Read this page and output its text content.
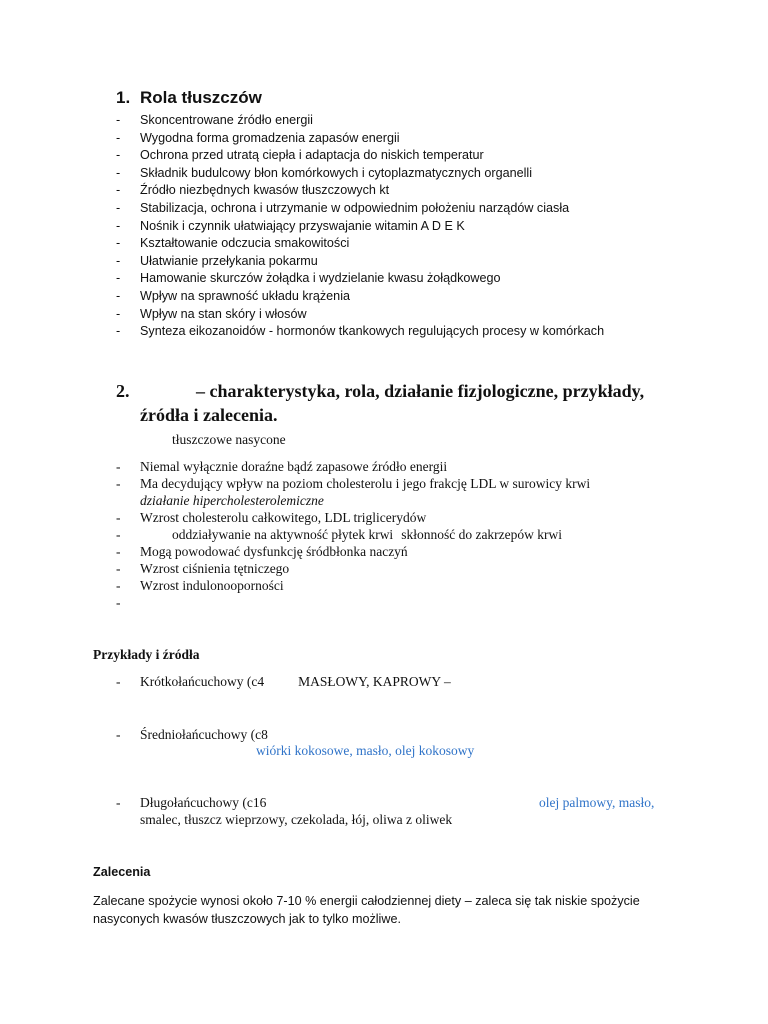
1. Rola tłuszczów
- Skoncentrowane źródło energii
- Wygodna forma gromadzenia zapasów energii
- Ochrona przed utratą ciepła i adaptacja do niskich temperatur
- Składnik budulcowy błon komórkowych i cytoplazmatycznych organelli
- Źródło niezbędnych kwasów tłuszczowych kt
- Stabilizacja, ochrona i utrzymanie w odpowiednim położeniu narządów ciasła
- Nośnik i czynnik ułatwiający przyswajanie witamin A D E K
- Kształtowanie odczucia smakowitości
- Ułatwianie przełykania pokarmu
- Hamowanie skurczów żołądka i wydzielanie kwasu żołądkowego
- Wpływ na sprawność układu krążenia
- Wpływ na stan skóry i włosów
- Synteza eikozanoidów - hormonów tkankowych regulujących procesy w komórkach
2.	– charakterystyka, rola, działanie fizjologiczne, przykłady,
źródła i zalecenia.
tłuszczowe nasycone
- Niemal wyłącznie doraźne bądź zapasowe źródło energii
- Ma decydujący wpływ na poziom cholesterolu i jego frakcję LDL w surowicy krwi
działanie hipercholesterolemiczne
- Wzrost cholesterolu całkowitego, LDL triglicerydów
-	oddziaływanie na aktywność płytek krwi skłonność do zakrzepów krwi
- Mogą powodować dysfunkcję śródbłonka naczyń
- Wzrost ciśnienia tętniczego
- Wzrost indulonooporności
-
Przykłady i źródła
- Krótkołańcuchowy (c4	MASŁOWY, KAPROWY –
- Średniołańcuchowy (c8
wiórki kokosowe, masło, olej kokosowy
- Długołańcuchowy (c16	olej palmowy, masło,
smalec, tłuszcz wieprzowy, czekolada, łój, oliwa z oliwek
Zalecenia
Zalecane spożycie wynosi około 7-10 % energii całodziennej diety – zaleca się tak niskie spożycie nasyconych kwasów tłuszczowych jak to tylko możliwe.
